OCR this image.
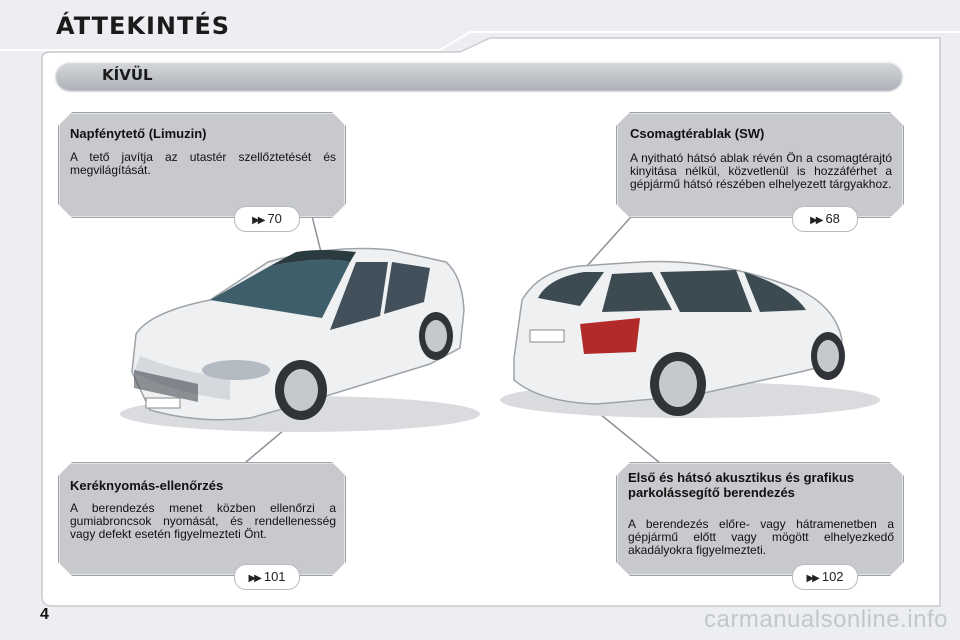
ÁTTEKINTÉS
KÍVÜL
Napfénytető (Limuzin)
A tető javítja az utastér szellőztetését és megvilágítását.
▶▶ 70
Csomagtérablak (SW)
A nyitható hátsó ablak révén Ön a csomagtérajtó kinyitása nélkül, közvetlenül is hozzáférhet a gépjármű hátsó részében elhelyezett tárgyakhoz.
▶▶ 68
Keréknyomás-ellenőrzés
A berendezés menet közben ellenőrzi a gumiabroncsok nyomását, és rendellenesség vagy defekt esetén figyelmezteti Önt.
▶▶ 101
Első és hátsó akusztikus és grafikus parkolássegítő berendezés
A berendezés előre- vagy hátramenetben a gépjármű előtt vagy mögött elhelyezkedő akadályokra figyelmezteti.
▶▶ 102
4	carmanualsonline.info
